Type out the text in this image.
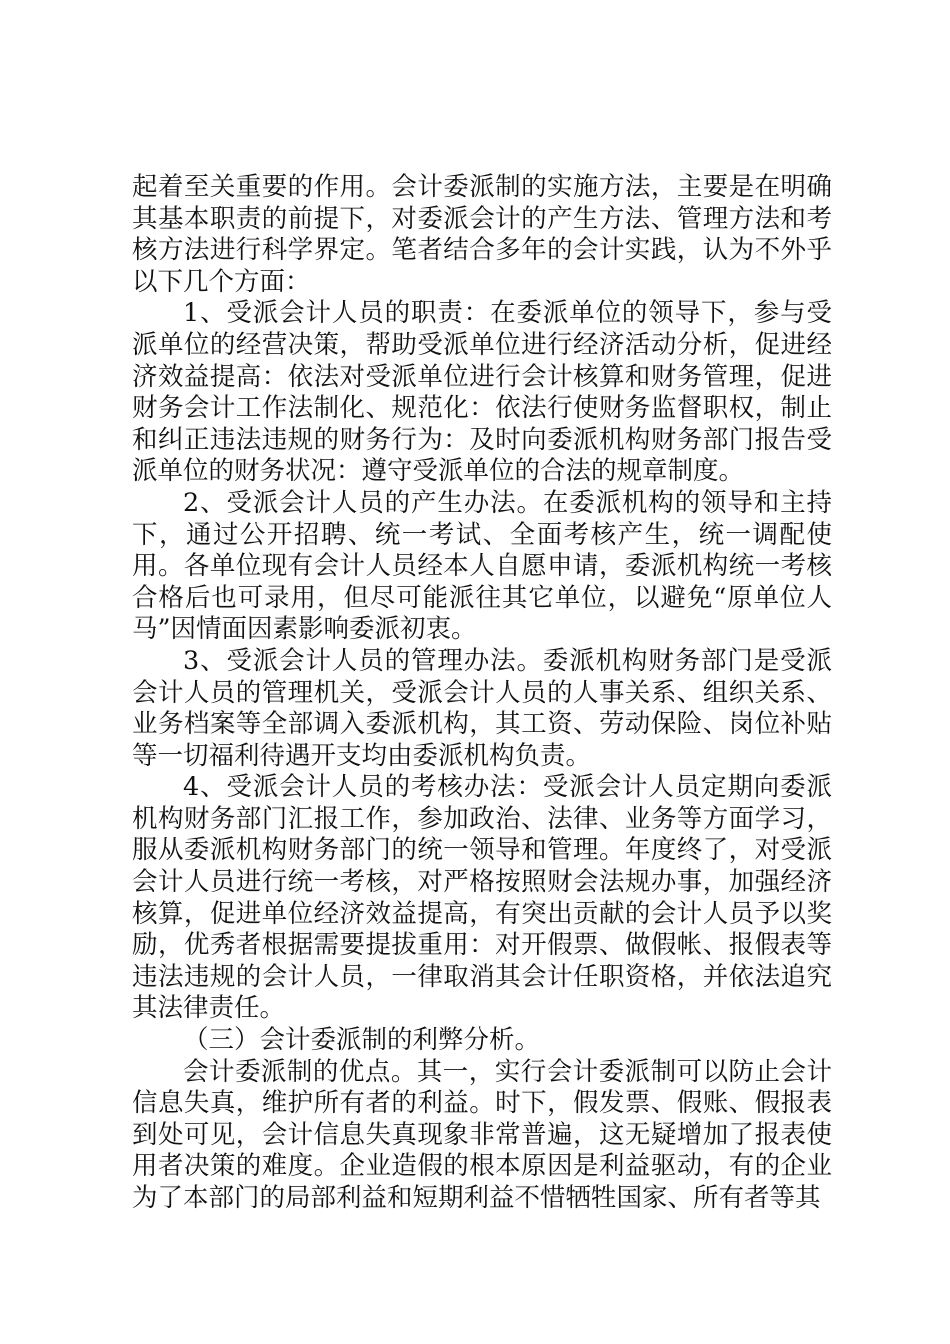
起着至关重要的作用。会计委派制的实施方法，主要是在明确其基本职责的前提下，对委派会计的产生方法、管理方法和考核方法进行科学界定。笔者结合多年的会计实践，认为不外乎以下几个方面：

1、受派会计人员的职责：在委派单位的领导下，参与受派单位的经营决策，帮助受派单位进行经济活动分析，促进经济效益提高：依法对受派单位进行会计核算和财务管理，促进财务会计工作法制化、规范化：依法行使财务监督职权，制止和纠正违法违规的财务行为：及时向委派机构财务部门报告受派单位的财务状况：遵守受派单位的合法的规章制度。

2、受派会计人员的产生办法。在委派机构的领导和主持下，通过公开招聘、统一考试、全面考核产生，统一调配使用。各单位现有会计人员经本人自愿申请，委派机构统一考核合格后也可录用，但尽可能派往其它单位，以避免“原单位人马”因情面因素影响委派初衷。

3、受派会计人员的管理办法。委派机构财务部门是受派会计人员的管理机关，受派会计人员的人事关系、组织关系、业务档案等全部调入委派机构，其工资、劳动保险、岗位补贴等一切福利待遇开支均由委派机构负责。

4、受派会计人员的考核办法：受派会计人员定期向委派机构财务部门汇报工作，参加政治、法律、业务等方面学习，服从委派机构财务部门的统一领导和管理。年度终了，对受派会计人员进行统一考核，对严格按照财会法规办事，加强经济核算，促进单位经济效益提高，有突出贡献的会计人员予以奖励，优秀者根据需要提拔重用：对开假票、做假帐、报假表等违法违规的会计人员，一律取消其会计任职资格，并依法追究其法律责任。

（三）会计委派制的利弊分析。

会计委派制的优点。其一，实行会计委派制可以防止会计信息失真，维护所有者的利益。时下，假发票、假账、假报表到处可见，会计信息失真现象非常普遍，这无疑增加了报表使用者决策的难度。企业造假的根本原因是利益驱动，有的企业为了本部门的局部利益和短期利益不惜牺牲国家、所有者等其
